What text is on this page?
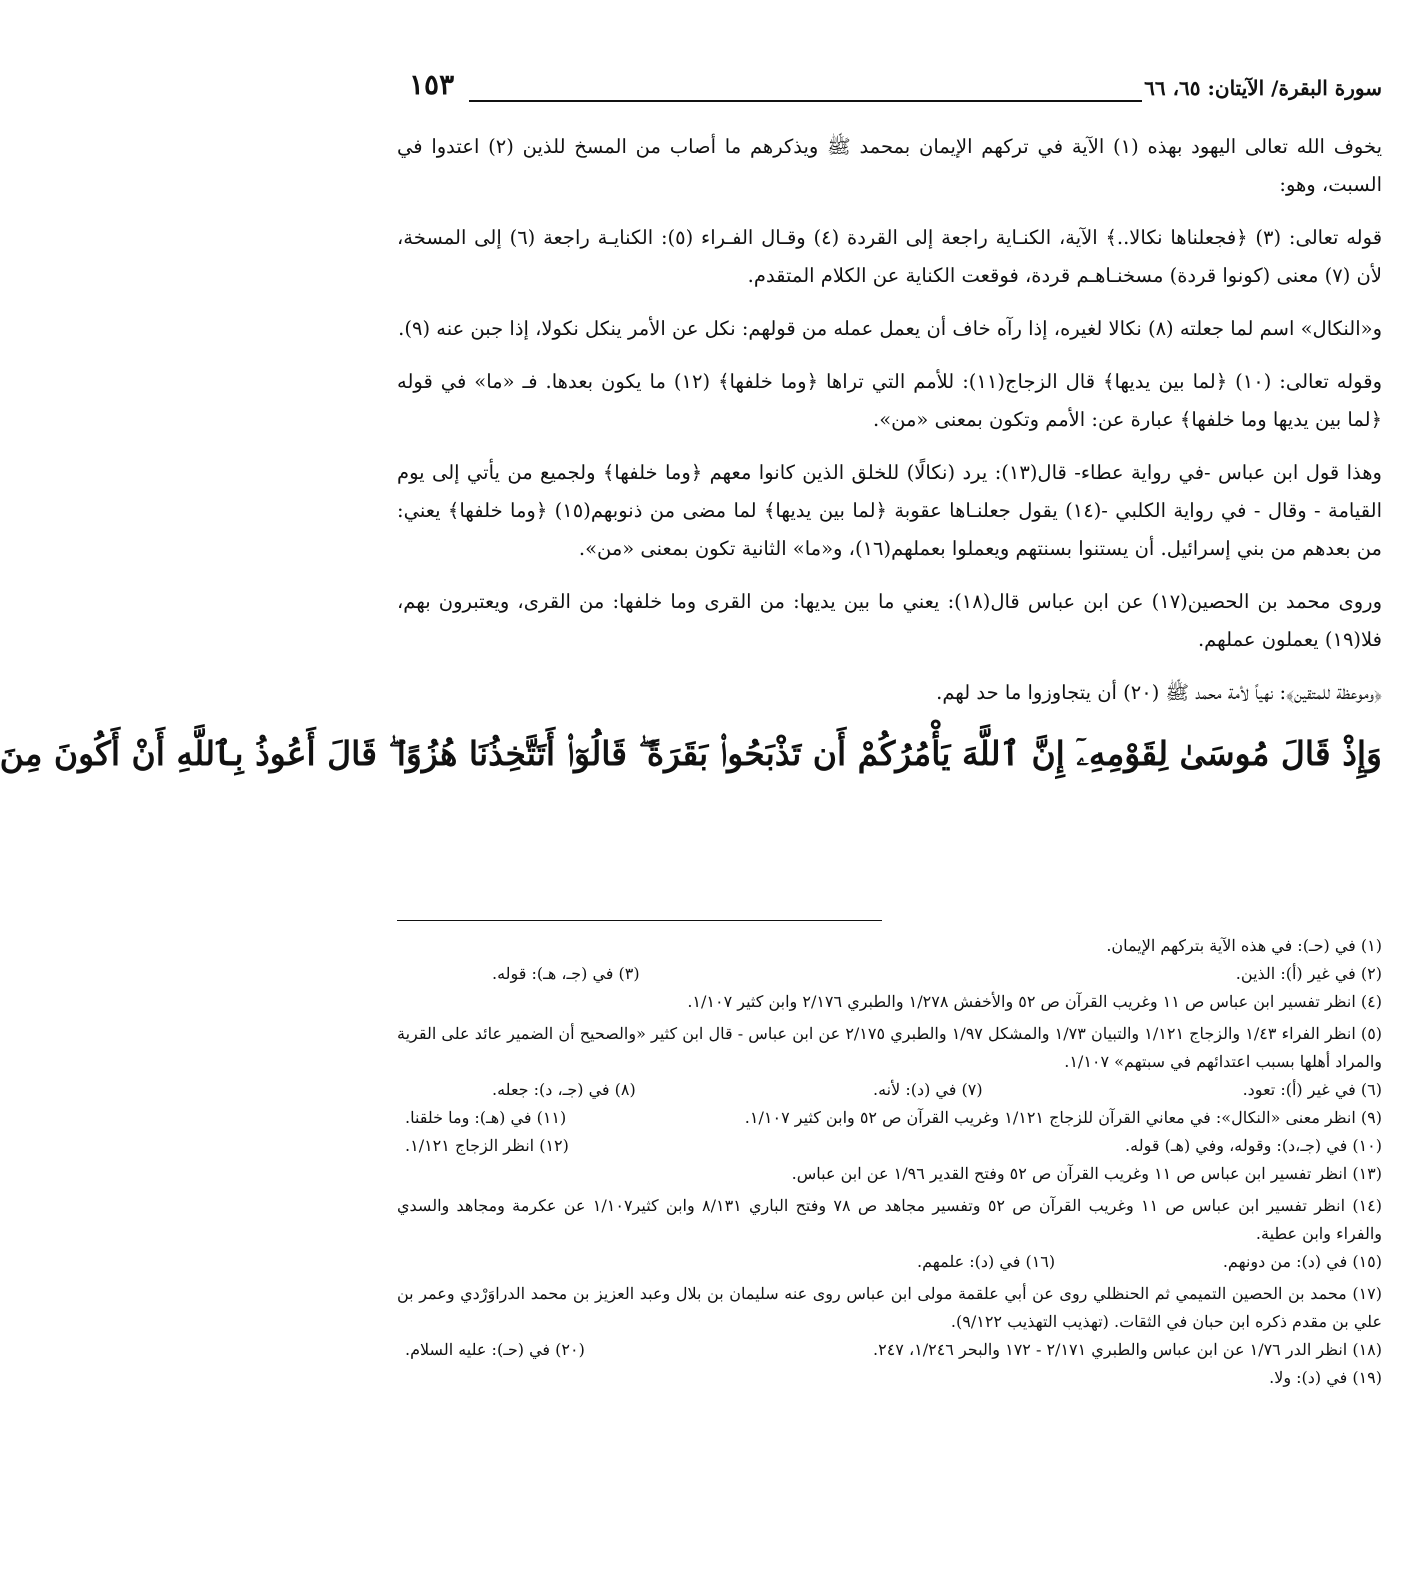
سورة البقرة/ الآيتان: ٦٥، ٦٦
١٥٣

يخوف الله تعالى اليهود بهذه (١) الآية في تركهم الإيمان بمحمد ﷺ ويذكرهم ما أصاب من المسخ للذين (٢) اعتدوا في السبت، وهو:

قوله تعالى: (٣) ﴿فجعلناها نكالا..﴾ الآية، الكنـاية راجعة إلى القردة (٤) وقـال الفـراء (٥): الكنايـة راجعة (٦) إلى المسخة، لأن (٧) معنى (كونوا قردة) مسخنـاهـم قردة، فوقعت الكناية عن الكلام المتقدم.

و«النكال» اسم لما جعلته (٨) نكالا لغيره، إذا رآه خاف أن يعمل عمله من قولهم: نكل عن الأمر ينكل نكولا، إذا جبن عنه (٩).

وقوله تعالى: (١٠) ﴿لما بين يديها﴾ قال الزجاج(١١): للأمم التي تراها ﴿وما خلفها﴾ (١٢) ما يكون بعدها. فـ «ما» في قوله ﴿لما بين يديها وما خلفها﴾ عبارة عن: الأمم وتكون بمعنى «من».

وهذا قول ابن عباس -في رواية عطاء- قال(١٣): يرد (نكالًا) للخلق الذين كانوا معهم ﴿وما خلفها﴾ ولجميع من يأتي إلى يوم القيامة - وقال - في رواية الكلبي -(١٤) يقول جعلنـاها عقوبة ﴿لما بين يديها﴾ لما مضى من ذنوبهم(١٥) ﴿وما خلفها﴾ يعني: من بعدهم من بني إسرائيل. أن يستنوا بسنتهم ويعملوا بعملهم(١٦)، و«ما» الثانية تكون بمعنى «من».

وروى محمد بن الحصين(١٧) عن ابن عباس قال(١٨): يعني ما بين يديها: من القرى وما خلفها: من القرى، ويعتبرون بهم، فلا(١٩) يعملون عملهم.

﴿وموعظة للمتقين﴾: نهياً لأمة محمد ﷺ (٢٠) أن يتجاوزوا ما حد لهم.

وَإِذْ قَالَ مُوسَىٰ لِقَوْمِهِۦٓ إِنَّ ٱللَّهَ يَأْمُرُكُمْ أَن تَذْبَحُوا۟ بَقَرَةً ۖ قَالُوٓا۟ أَتَتَّخِذُنَا هُزُوًا ۖ قَالَ أَعُوذُ بِٱللَّهِ أَنْ أَكُونَ مِنَ
(١) في (حـ): في هذه الآية بتركهم الإيمان.
(٢) في غير (أ): الذين.
(٣) في (جـ، هـ): قوله.
(٤) انظر تفسير ابن عباس ص ١١ وغريب القرآن ص ٥٢ والأخفش ١/٢٧٨ والطبري ٢/١٧٦ وابن كثير ١/١٠٧.
(٥) انظر الفراء ١/٤٣ والزجاج ١/١٢١ والتبيان ١/٧٣ والمشكل ١/٩٧ والطبري ٢/١٧٥ عن ابن عباس - قال ابن كثير «والصحيح أن الضمير عائد على القرية والمراد أهلها بسبب اعتدائهم في سبتهم» ١/١٠٧.
(٦) في غير (أ): تعود.
(٧) في (د): لأنه.
(٨) في (جـ، د): جعله.
(٩) انظر معنى «النكال»: في معاني القرآن للزجاج ١/١٢١ وغريب القرآن ص ٥٢ وابن كثير ١/١٠٧.
(١١) في (هـ): وما خلقنا.
(١٠) في (جـ،د): وقوله، وفي (هـ) قوله.
(١٢) انظر الزجاج ١/١٢١.
(١٣) انظر تفسير ابن عباس ص ١١ وغريب القرآن ص ٥٢ وفتح القدير ١/٩٦ عن ابن عباس.
(١٤) انظر تفسير ابن عباس ص ١١ وغريب القرآن ص ٥٢ وتفسير مجاهد ص ٧٨ وفتح الباري ٨/١٣١ وابن كثير١/١٠٧ عن عكرمة ومجاهد والسدي والفراء وابن عطية.
(١٥) في (د): من دونهم.
(١٦) في (د): علمهم.
(١٧) محمد بن الحصين التميمي ثم الحنظلي روى عن أبي علقمة مولى ابن عباس روى عنه سليمان بن بلال وعبد العزيز بن محمد الدراوَرْدي وعمر بن علي بن مقدم ذكره ابن حبان في الثقات. (تهذيب التهذيب ٩/١٢٢).
(١٨) انظر الدر ١/٧٦ عن ابن عباس والطبري ٢/١٧١ - ١٧٢ والبحر ١/٢٤٦، ٢٤٧.
(٢٠) في (حـ): عليه السلام.
(١٩) في (د): ولا.
